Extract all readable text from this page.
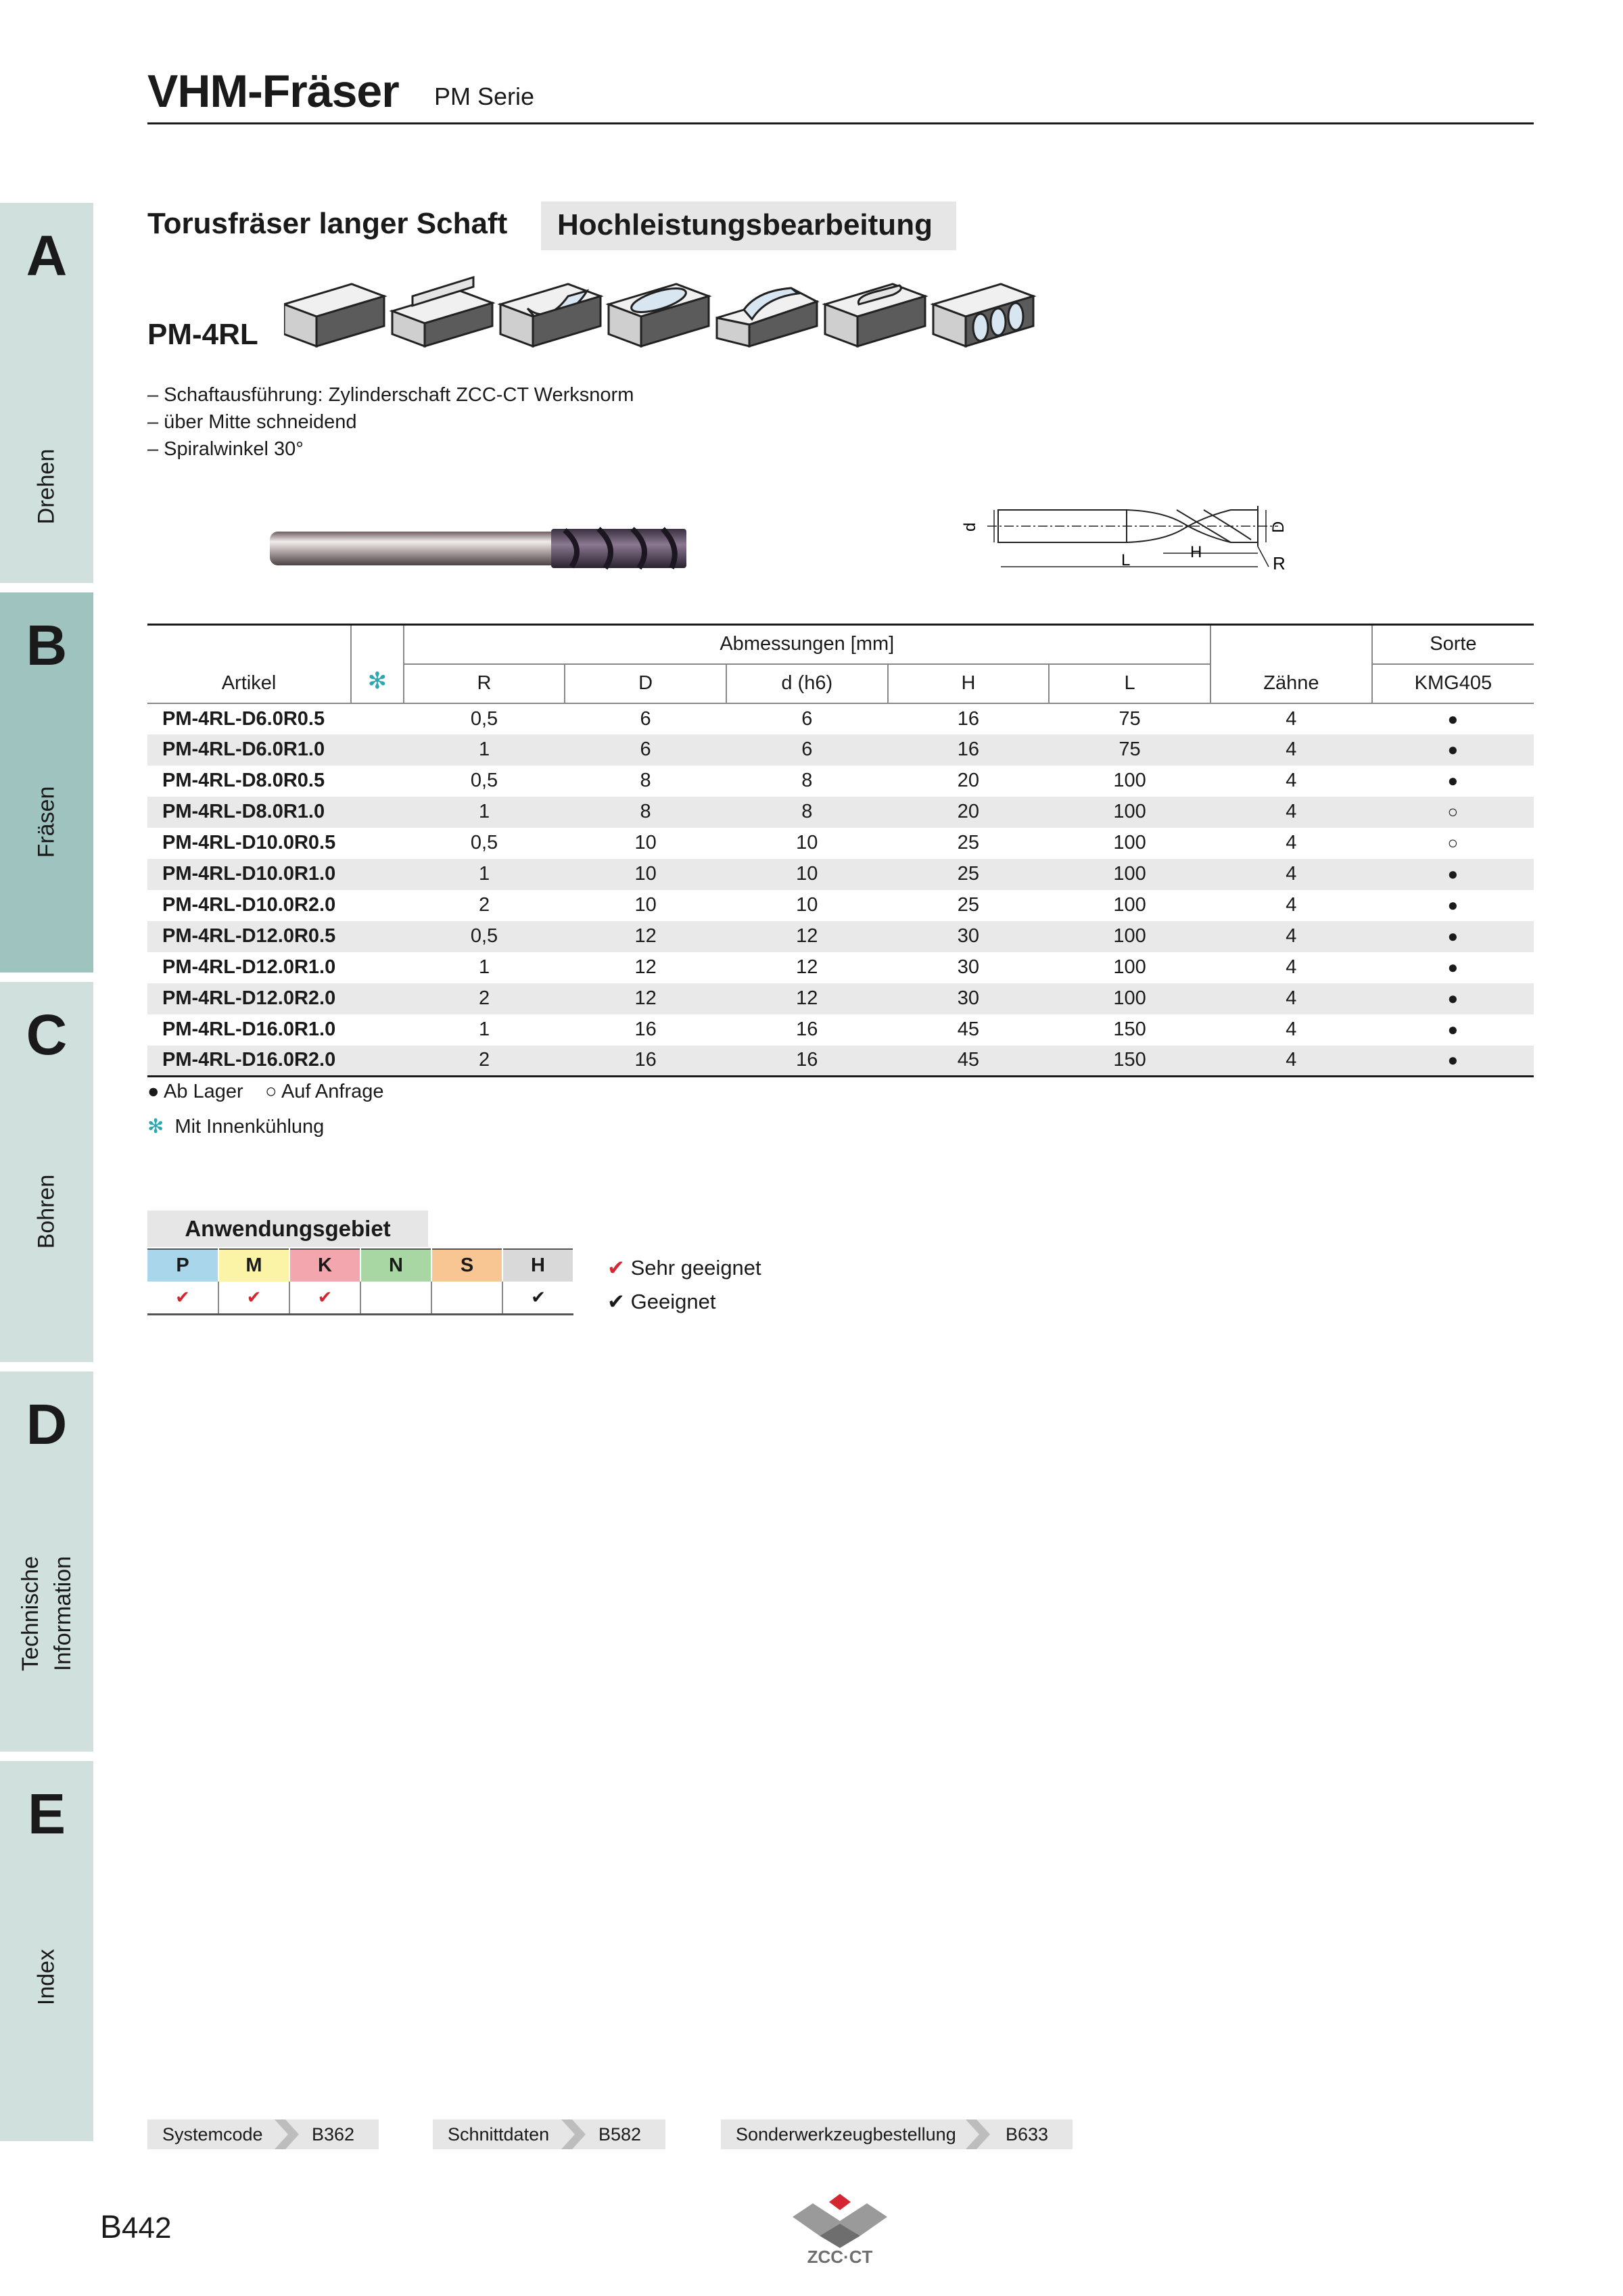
VHM-Fräser PM Serie
A
Drehen
B
Fräsen
C
Bohren
D
Technische Information
E
Index
Torusfräser langer Schaft	Hochleistungsbearbeitung
PM-4RL
– Schaftausführung: Zylinderschaft ZCC-CT Werksnorm
– über Mitte schneidend
– Spiralwinkel 30°
d	D
L	H
R
Artikel	✻	Abmessungen [mm]					Zähne	Sorte
		R	D	d (h6)	H	L		KMG405
PM-4RL-D6.0R0.5		0,5	6	6	16	75	4	●
PM-4RL-D6.0R1.0		1	6	6	16	75	4	●
PM-4RL-D8.0R0.5		0,5	8	8	20	100	4	●
PM-4RL-D8.0R1.0		1	8	8	20	100	4	○
PM-4RL-D10.0R0.5		0,5	10	10	25	100	4	○
PM-4RL-D10.0R1.0		1	10	10	25	100	4	●
PM-4RL-D10.0R2.0		2	10	10	25	100	4	●
PM-4RL-D12.0R0.5		0,5	12	12	30	100	4	●
PM-4RL-D12.0R1.0		1	12	12	30	100	4	●
PM-4RL-D12.0R2.0		2	12	12	30	100	4	●
PM-4RL-D16.0R1.0		1	16	16	45	150	4	●
PM-4RL-D16.0R2.0		2	16	16	45	150	4	●
● Ab Lager ○ Auf Anfrage
✻ Mit Innenkühlung
Anwendungsgebiet
P	M	K	N	S	H
✔	✔	✔			✔
✔ Sehr geeignet
✔ Geeignet
Systemcode	B362	Schnittdaten	B582	Sonderwerkzeugbestellung	B633
B442
ZCC·CT
